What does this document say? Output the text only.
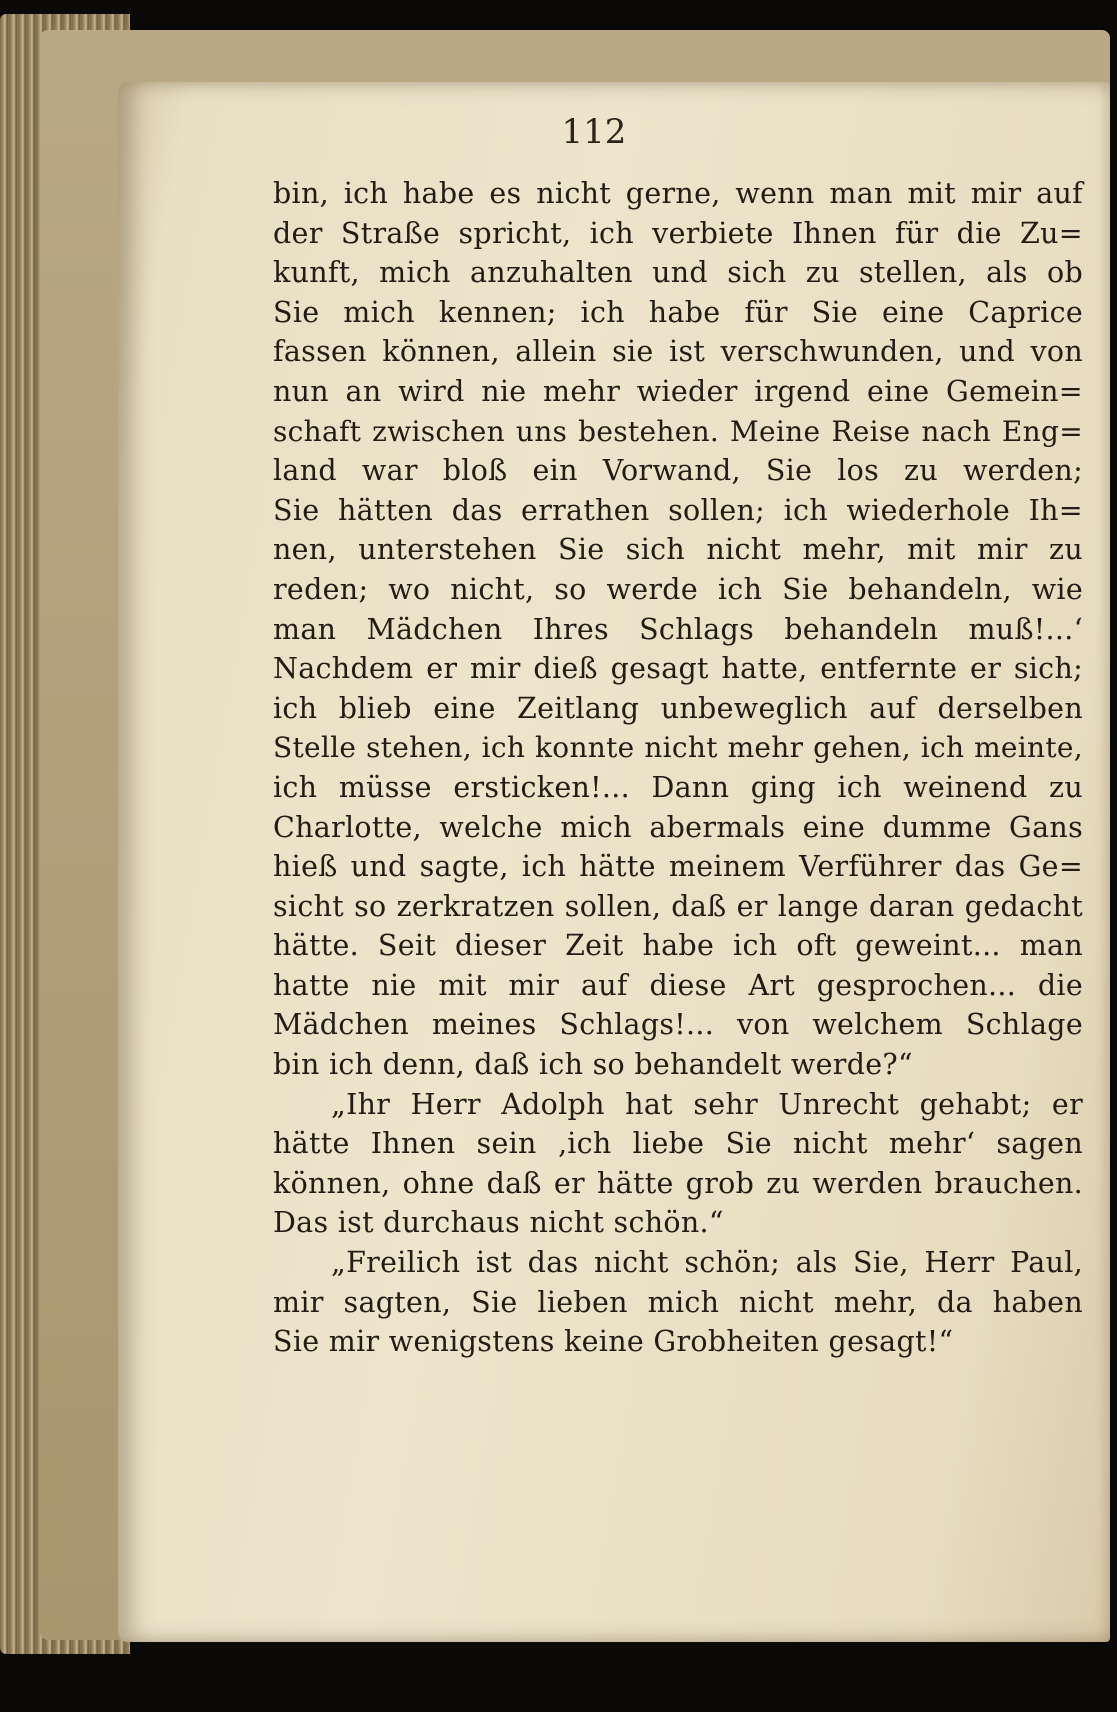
112
bin, ich habe es nicht gerne, wenn man mit mir auf
der Straße spricht, ich verbiete Ihnen für die Zu=
kunft, mich anzuhalten und sich zu stellen, als ob
Sie mich kennen; ich habe für Sie eine Caprice
fassen können, allein sie ist verschwunden, und von
nun an wird nie mehr wieder irgend eine Gemein=
schaft zwischen uns bestehen. Meine Reise nach Eng=
land war bloß ein Vorwand, Sie los zu werden;
Sie hätten das errathen sollen; ich wiederhole Ih=
nen, unterstehen Sie sich nicht mehr, mit mir zu
reden; wo nicht, so werde ich Sie behandeln, wie
man Mädchen Ihres Schlags behandeln muß!...‘
Nachdem er mir dieß gesagt hatte, entfernte er sich;
ich blieb eine Zeitlang unbeweglich auf derselben
Stelle stehen, ich konnte nicht mehr gehen, ich meinte,
ich müsse ersticken!... Dann ging ich weinend zu
Charlotte, welche mich abermals eine dumme Gans
hieß und sagte, ich hätte meinem Verführer das Ge=
sicht so zerkratzen sollen, daß er lange daran gedacht
hätte. Seit dieser Zeit habe ich oft geweint... man
hatte nie mit mir auf diese Art gesprochen... die
Mädchen meines Schlags!... von welchem Schlage
bin ich denn, daß ich so behandelt werde?“
„Ihr Herr Adolph hat sehr Unrecht gehabt; er
hätte Ihnen sein ‚ich liebe Sie nicht mehr‘ sagen
können, ohne daß er hätte grob zu werden brauchen.
Das ist durchaus nicht schön.“
„Freilich ist das nicht schön; als Sie, Herr Paul,
mir sagten, Sie lieben mich nicht mehr, da haben
Sie mir wenigstens keine Grobheiten gesagt!“
